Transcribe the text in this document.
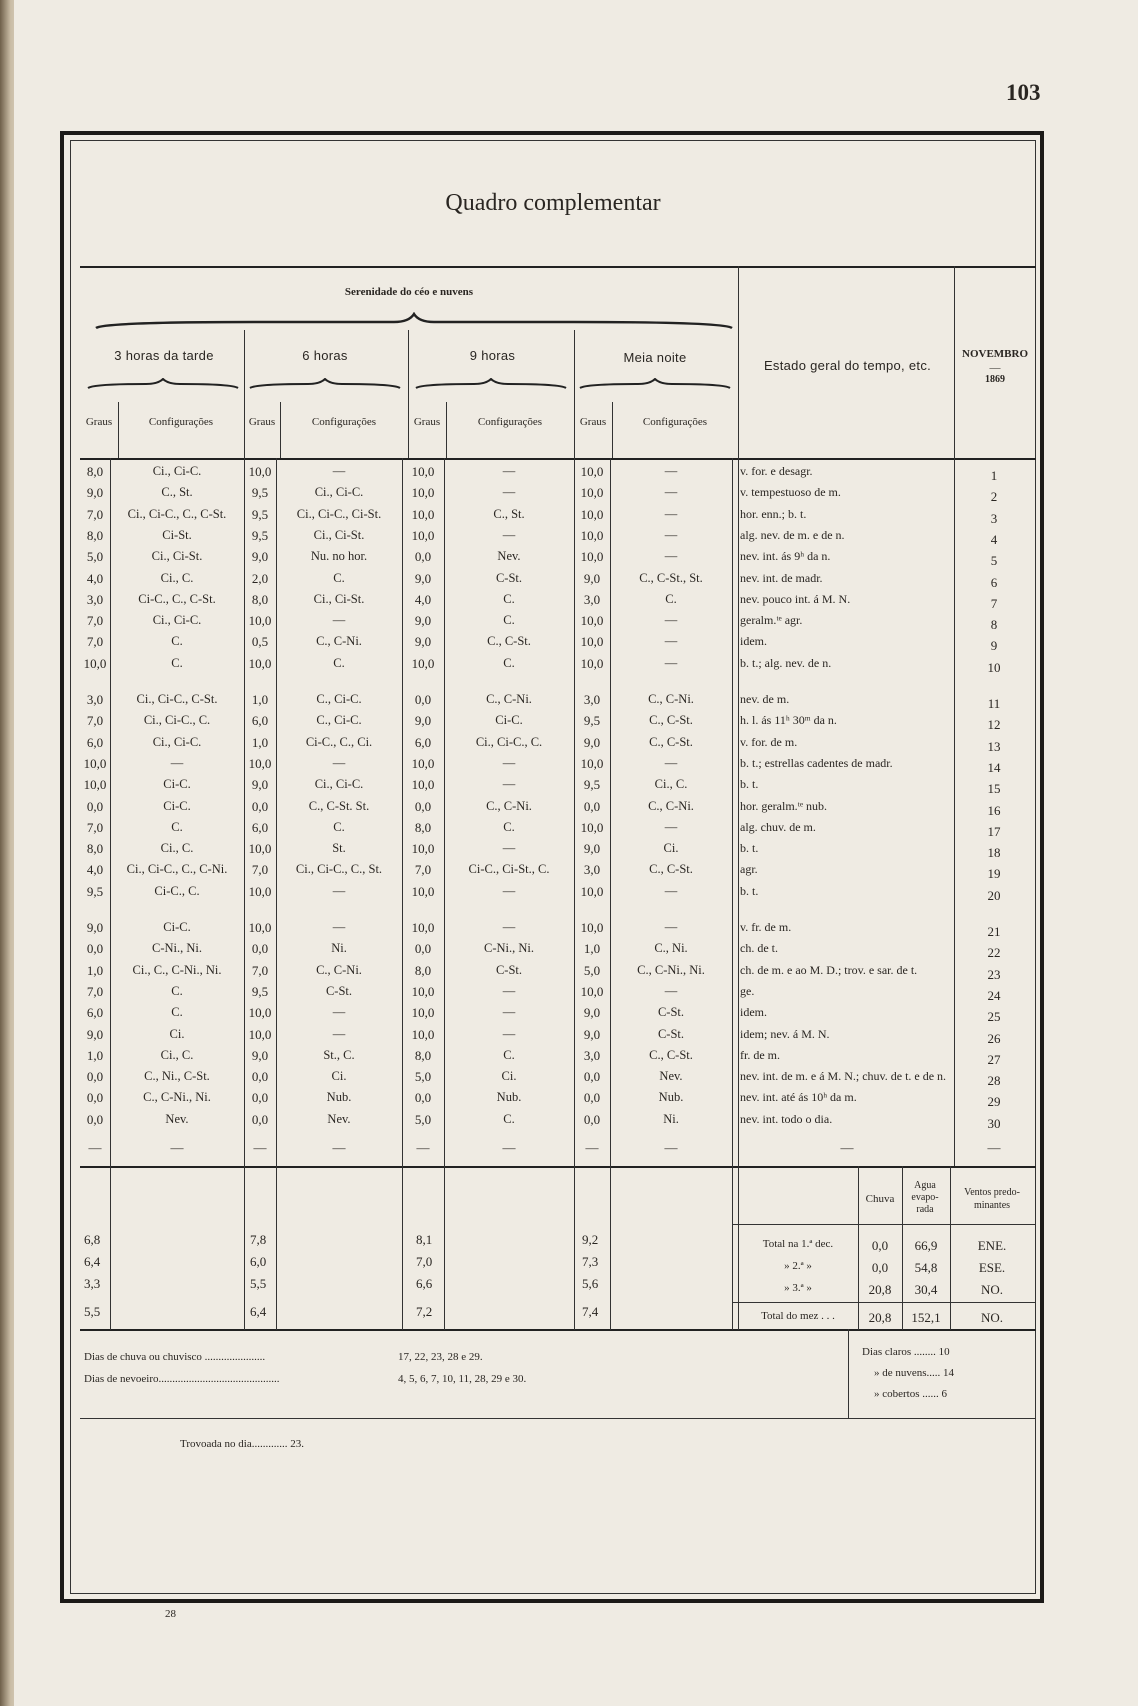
103
Quadro complementar
Serenidade do céo e nuvens
3 horas da tarde	6 horas	9 horas	Meia noite
Estado geral do tempo, etc.
NOVEMBRO
—
1869
Graus	Configurações	Graus	Configurações	Graus	Configurações	Graus	Configurações
8,0	Ci., Ci-C.	10,0	—	10,0	—	10,0	—	v. for. e desagr.	1
9,0	C., St.	9,5	Ci., Ci-C.	10,0	—	10,0	—	v. tempestuoso de m.	2
7,0	Ci., Ci-C., C., C-St.	9,5	Ci., Ci-C., Ci-St.	10,0	C., St.	10,0	—	hor. enn.; b. t.	3
8,0	Ci-St.	9,5	Ci., Ci-St.	10,0	—	10,0	—	alg. nev. de m. e de n.	4
5,0	Ci., Ci-St.	9,0	Nu. no hor.	0,0	Nev.	10,0	—	nev. int. ás 9ʰ da n.	5
4,0	Ci., C.	2,0	C.	9,0	C-St.	9,0	C., C-St., St.	nev. int. de madr.	6
3,0	Ci-C., C., C-St.	8,0	Ci., Ci-St.	4,0	C.	3,0	C.	nev. pouco int. á M. N.	7
7,0	Ci., Ci-C.	10,0	—	9,0	C.	10,0	—	geralm.ᵗᵉ agr.	8
7,0	C.	0,5	C., C-Ni.	9,0	C., C-St.	10,0	—	idem.	9
10,0	C.	10,0	C.	10,0	C.	10,0	—	b. t.; alg. nev. de n.	10
3,0	Ci., Ci-C., C-St.	1,0	C., Ci-C.	0,0	C., C-Ni.	3,0	C., C-Ni.	nev. de m.	11
7,0	Ci., Ci-C., C.	6,0	C., Ci-C.	9,0	Ci-C.	9,5	C., C-St.	h. l. ás 11ʰ 30ᵐ da n.	12
6,0	Ci., Ci-C.	1,0	Ci-C., C., Ci.	6,0	Ci., Ci-C., C.	9,0	C., C-St.	v. for. de m.	13
10,0	—	10,0	—	10,0	—	10,0	—	b. t.; estrellas cadentes de madr.	14
10,0	Ci-C.	9,0	Ci., Ci-C.	10,0	—	9,5	Ci., C.	b. t.	15
0,0	Ci-C.	0,0	C., C-St. St.	0,0	C., C-Ni.	0,0	C., C-Ni.	hor. geralm.ᵗᵉ nub.	16
7,0	C.	6,0	C.	8,0	C.	10,0	—	alg. chuv. de m.	17
8,0	Ci., C.	10,0	St.	10,0	—	9,0	Ci.	b. t.	18
4,0	Ci., Ci-C., C., C-Ni.	7,0	Ci., Ci-C., C., St.	7,0	Ci-C., Ci-St., C.	3,0	C., C-St.	agr.	19
9,5	Ci-C., C.	10,0	—	10,0	—	10,0	—	b. t.	20
9,0	Ci-C.	10,0	—	10,0	—	10,0	—	v. fr. de m.	21
0,0	C-Ni., Ni.	0,0	Ni.	0,0	C-Ni., Ni.	1,0	C., Ni.	ch. de t.	22
1,0	Ci., C., C-Ni., Ni.	7,0	C., C-Ni.	8,0	C-St.	5,0	C., C-Ni., Ni.	ch. de m. e ao M. D.; trov. e sar. de t.	23
7,0	C.	9,5	C-St.	10,0	—	10,0	—	ge.	24
6,0	C.	10,0	—	10,0	—	9,0	C-St.	idem.	25
9,0	Ci.	10,0	—	10,0	—	9,0	C-St.	idem; nev. á M. N.	26
1,0	Ci., C.	9,0	St., C.	8,0	C.	3,0	C., C-St.	fr. de m.	27
0,0	C., Ni., C-St.	0,0	Ci.	5,0	Ci.	0,0	Nev.	nev. int. de m. e á M. N.; chuv. de t. e de n.	28
0,0	C., C-Ni., Ni.	0,0	Nub.	0,0	Nub.	0,0	Nub.	nev. int. até ás 10ʰ da m.	29
0,0	Nev.	0,0	Nev.	5,0	C.	0,0	Ni.	nev. int. todo o dia.	30
—	—	—	—	—	—	—	—	—	—
6,8	7,8	8,1	9,2
6,4	6,0	7,0	7,3
3,3	5,5	6,6	5,6
5,5	6,4	7,2	7,4
Total na 1.ª dec.	0,0	66,9	ENE.
» 2.ª »	0,0	54,8	ESE.
» 3.ª »	20,8	30,4	NO.
Total do mez . . .	20,8	152,1	NO.
Chuva
Agua evapo- rada
Ventos predo- minantes
Dias de chuva ou chuvisco ......................	17, 22, 23, 28 e 29.
Dias de nevoeiro............................................	4, 5, 6, 7, 10, 11, 28, 29 e 30.
Dias claros ........ 10
» de nuvens..... 14
» cobertos ...... 6
Trovoada no dia............. 23.
28
